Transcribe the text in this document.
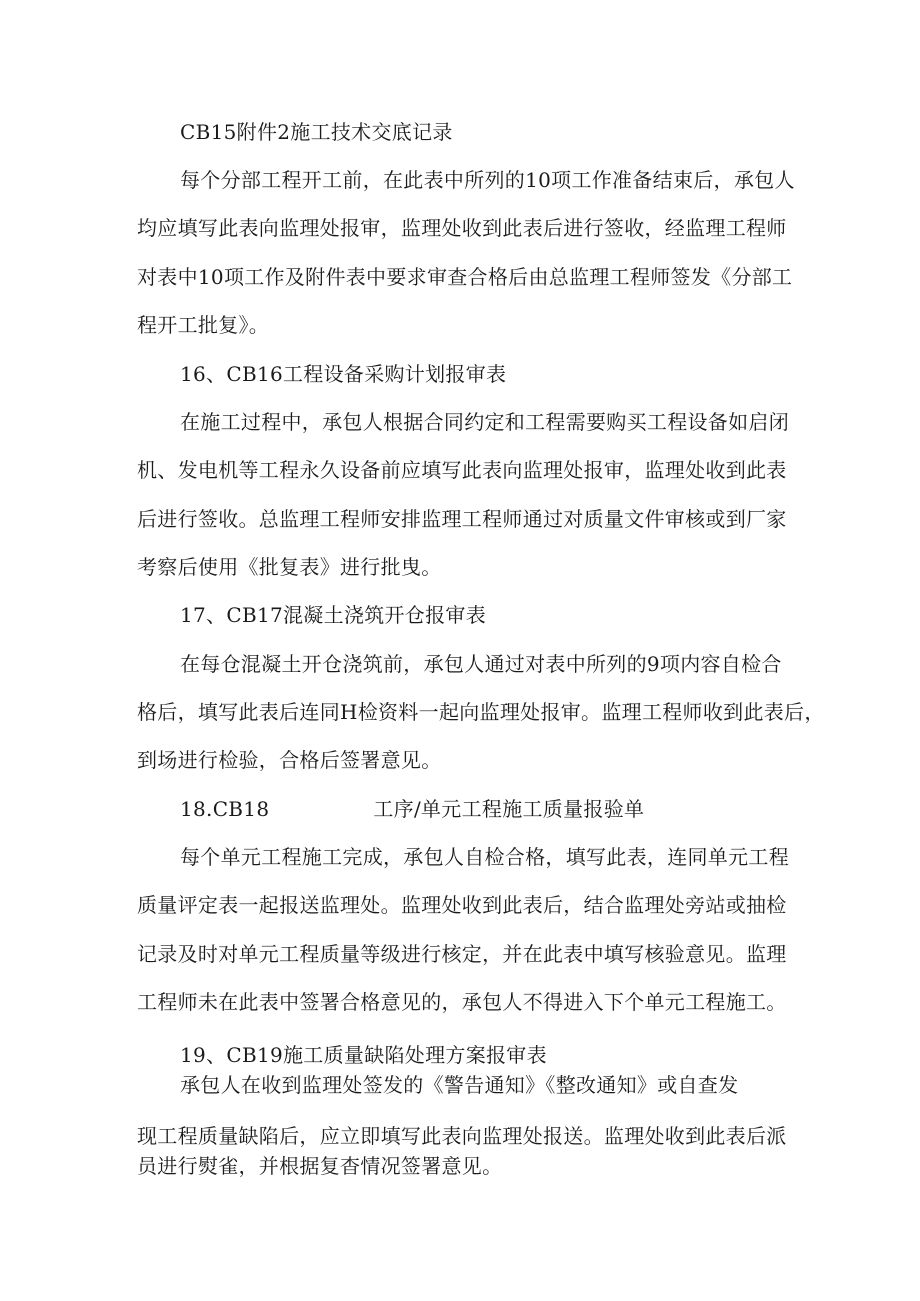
CB15附件2施工技术交底记录
每个分部工程开工前，在此表中所列的10项工作准备结束后，承包人
均应填写此表向监理处报审，监理处收到此表后进行签收，经监理工程师
对表中10项工作及附件表中要求审查合格后由总监理工程师签发《分部工
程开工批复》。
16、CB16工程设备采购计划报审表
在施工过程中，承包人根据合同约定和工程需要购买工程设备如启闭
机、发电机等工程永久设备前应填写此表向监理处报审，监理处收到此表
后进行签收。总监理工程师安排监理工程师通过对质量文件审核或到厂家
考察后使用《批复表》进行批曳。
17、CB17混凝土浇筑开仓报审表
在每仓混凝土开仓浇筑前，承包人通过对表中所列的9项内容自检合
格后，填写此表后连同H检资料一起向监理处报审。监理工程师收到此表后，
到场进行检验，合格后签署意见。
18.CB18	工序/单元工程施工质量报验单
每个单元工程施工完成，承包人自检合格，填写此表，连同单元工程
质量评定表一起报送监理处。监理处收到此表后，结合监理处旁站或抽检
记录及时对单元工程质量等级进行核定，并在此表中填写核验意见。监理
工程师未在此表中签署合格意见的，承包人不得进入下个单元工程施工。
19、CB19施工质量缺陷处理方案报审表
承包人在收到监理处签发的《警告通知》《整改通知》或自查发
现工程质量缺陷后，应立即填写此表向监理处报送。监理处收到此表后派
员进行熨雀，并根据复杳情况签署意见。
